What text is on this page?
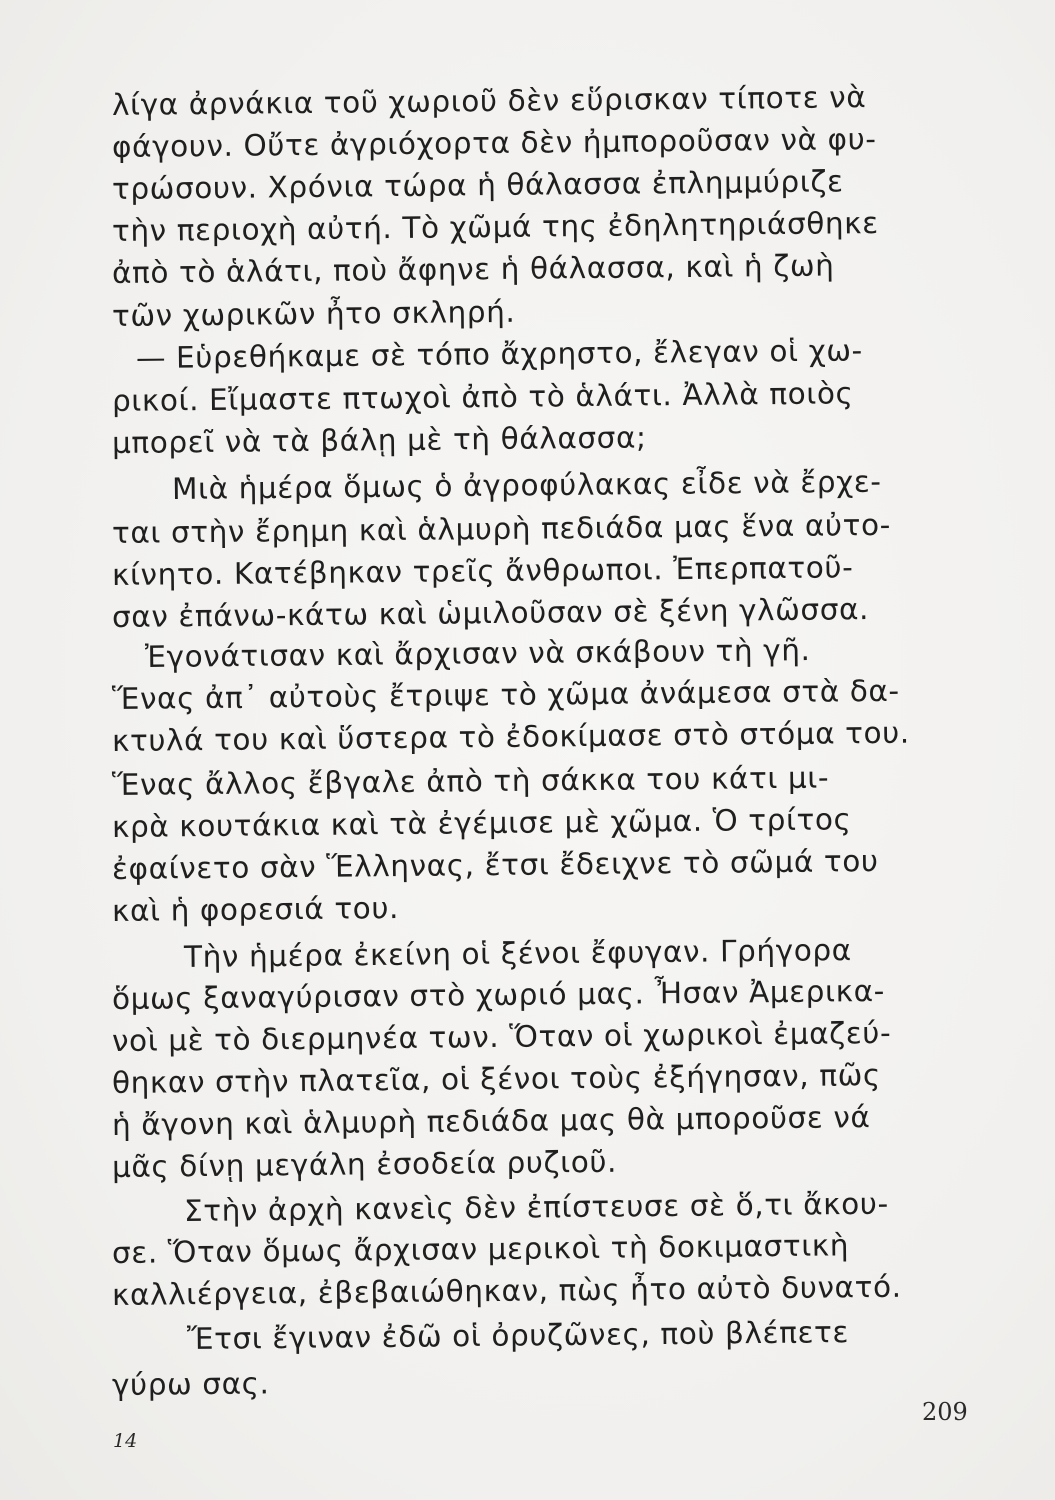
λίγα ἀρνάκια τοῦ χωριοῦ δὲν εὕρισκαν τίποτε νὰ
φάγουν. Οὔτε ἀγριόχορτα δὲν ἠμποροῦσαν νὰ φυ-
τρώσουν. Χρόνια τώρα ἡ θάλασσα ἐπλημμύριζε
τὴν περιοχὴ αὐτή. Τὸ χῶμά της ἐδηλητηριάσθηκε
ἀπὸ τὸ ἁλάτι, ποὺ ἄφηνε ἡ θάλασσα, καὶ ἡ ζωὴ
τῶν χωρικῶν ἦτο σκληρή.
— Εὑρεθήκαμε σὲ τόπο ἄχρηστο, ἔλεγαν οἱ χω-
ρικοί. Εἴμαστε πτωχοὶ ἀπὸ τὸ ἁλάτι. Ἀλλὰ ποιὸς
μπορεῖ νὰ τὰ βάλῃ μὲ τὴ θάλασσα;
Μιὰ ἡμέρα ὅμως ὁ ἀγροφύλακας εἶδε νὰ ἔρχε-
ται στὴν ἔρημη καὶ ἁλμυρὴ πεδιάδα μας ἕνα αὐτο-
κίνητο. Κατέβηκαν τρεῖς ἄνθρωποι. Ἐπερπατοῦ-
σαν ἐπάνω-κάτω καὶ ὡμιλοῦσαν σὲ ξένη γλῶσσα.
Ἐγονάτισαν καὶ ἄρχισαν νὰ σκάβουν τὴ γῆ.
Ἕνας ἀπ᾽ αὐτοὺς ἔτριψε τὸ χῶμα ἀνάμεσα στὰ δα-
κτυλά του καὶ ὕστερα τὸ ἐδοκίμασε στὸ στόμα του.
Ἕνας ἄλλος ἔβγαλε ἀπὸ τὴ σάκκα του κάτι μι-
κρὰ κουτάκια καὶ τὰ ἐγέμισε μὲ χῶμα. Ὁ τρίτος
ἐφαίνετο σὰν Ἕλληνας, ἔτσι ἔδειχνε τὸ σῶμά του
καὶ ἡ φορεσιά του.
Τὴν ἡμέρα ἐκείνη οἱ ξένοι ἔφυγαν. Γρήγορα
ὅμως ξαναγύρισαν στὸ χωριό μας. Ἦσαν Ἀμερικα-
νοὶ μὲ τὸ διερμηνέα των. Ὅταν οἱ χωρικοὶ ἐμαζεύ-
θηκαν στὴν πλατεῖα, οἱ ξένοι τοὺς ἐξήγησαν, πῶς
ἡ ἄγονη καὶ ἁλμυρὴ πεδιάδα μας θὰ μποροῦσε νά
μᾶς δίνῃ μεγάλη ἐσοδεία ρυζιοῦ.
Στὴν ἀρχὴ κανεὶς δὲν ἐπίστευσε σὲ ὅ,τι ἄκου-
σε. Ὅταν ὅμως ἄρχισαν μερικοὶ τὴ δοκιμαστικὴ
καλλιέργεια, ἐβεβαιώθηκαν, πὼς ἦτο αὐτὸ δυνατό.
Ἔτσι ἔγιναν ἐδῶ οἱ ὀρυζῶνες, ποὺ βλέπετε
γύρω σας.
209
14
